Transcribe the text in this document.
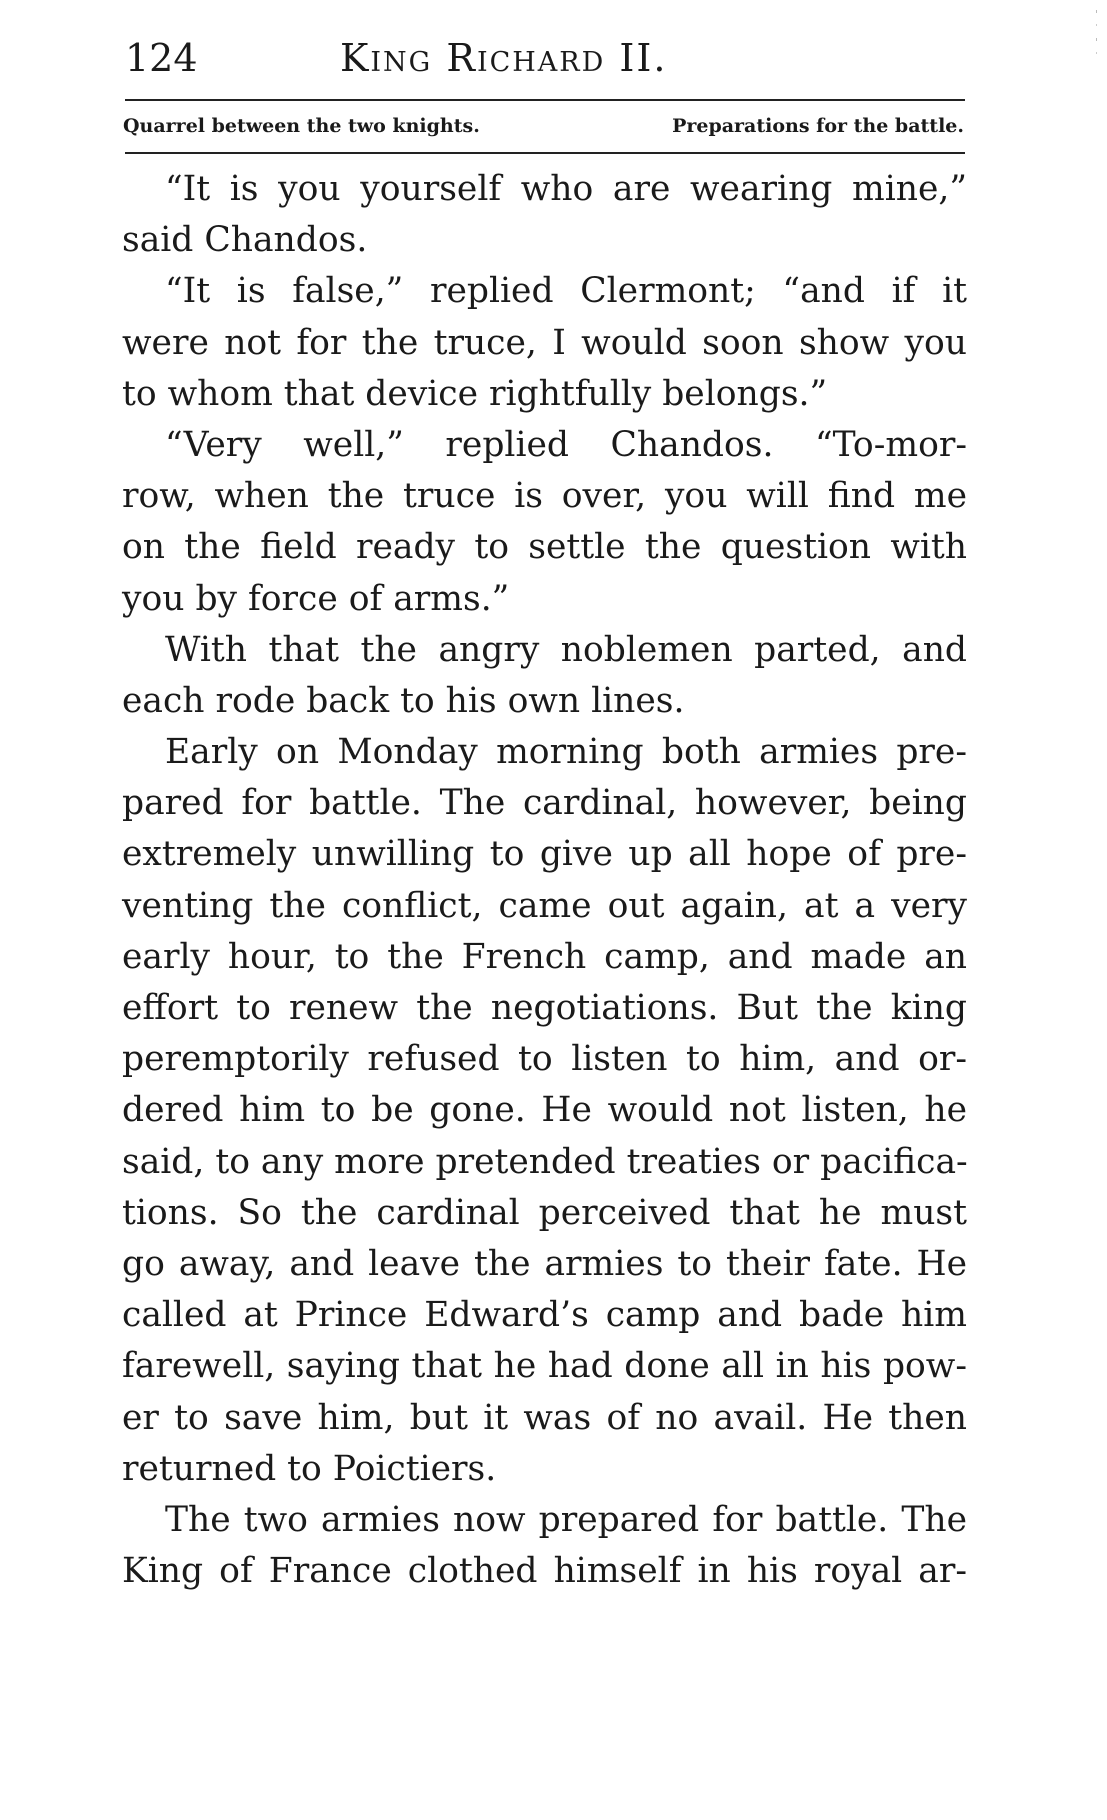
124	King Richard II.
Quarrel between the two knights.	Preparations for the battle.
“It is you yourself who are wearing mine,”
said Chandos.
“It is false,” replied Clermont; “and if it
were not for the truce, I would soon show you
to whom that device rightfully belongs.”
“Very well,” replied Chandos. “To-mor-
row, when the truce is over, you will find me
on the field ready to settle the question with
you by force of arms.”
With that the angry noblemen parted, and
each rode back to his own lines.
Early on Monday morning both armies pre-
pared for battle. The cardinal, however, being
extremely unwilling to give up all hope of pre-
venting the conflict, came out again, at a very
early hour, to the French camp, and made an
effort to renew the negotiations. But the king
peremptorily refused to listen to him, and or-
dered him to be gone. He would not listen, he
said, to any more pretended treaties or pacifica-
tions. So the cardinal perceived that he must
go away, and leave the armies to their fate. He
called at Prince Edward’s camp and bade him
farewell, saying that he had done all in his pow-
er to save him, but it was of no avail. He then
returned to Poictiers.
The two armies now prepared for battle. The
King of France clothed himself in his royal ar-
